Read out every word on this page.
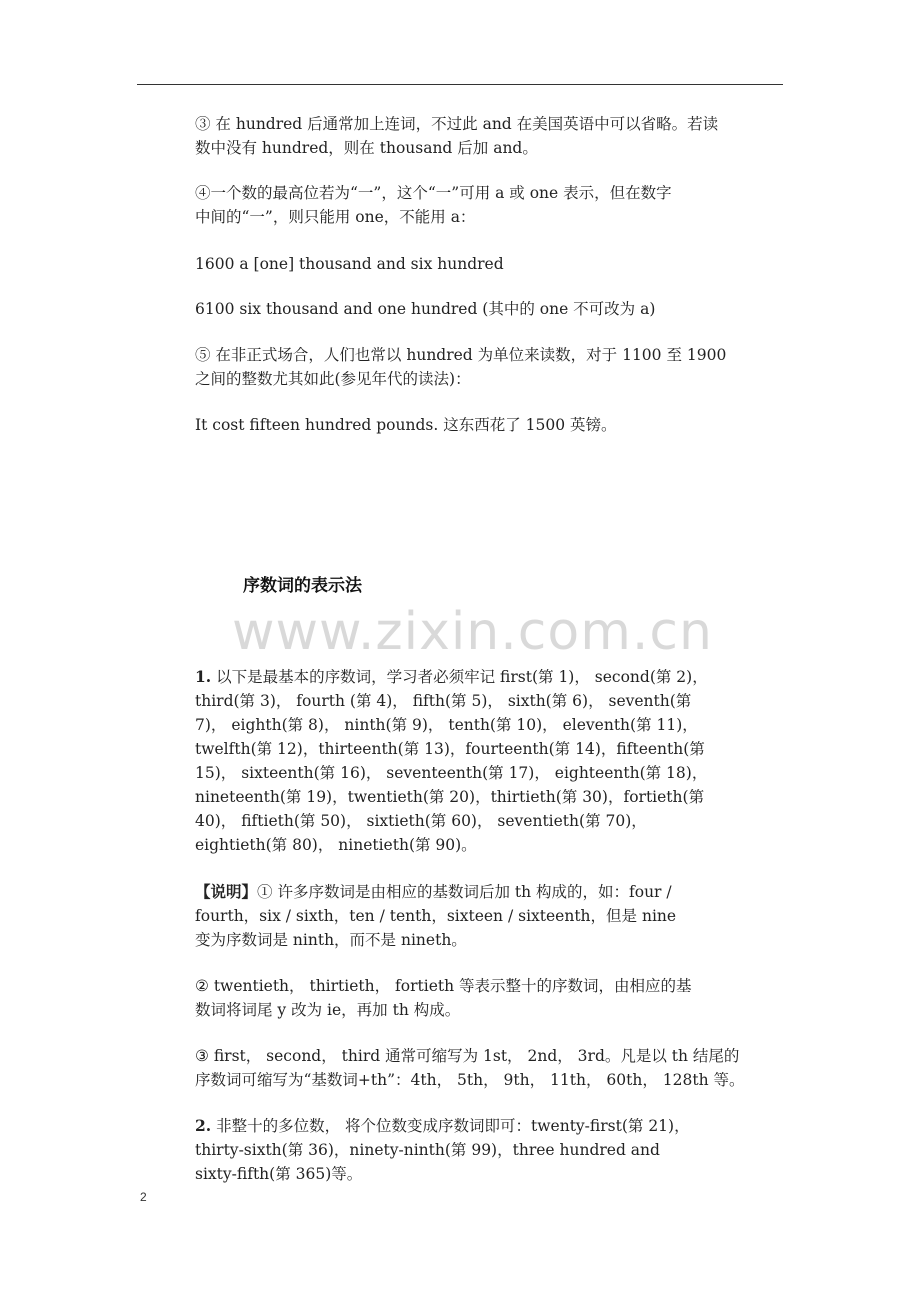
③ 在 hundred 后通常加上连词，不过此 and 在美国英语中可以省略。若读
数中没有 hundred，则在 thousand 后加 and。
④一个数的最高位若为“一”，这个“一”可用 a 或 one 表示，但在数字
中间的“一”，则只能用 one，不能用 a：
1600 a [one] thousand and six hundred
6100 six thousand and one hundred (其中的 one 不可改为 a)
⑤ 在非正式场合，人们也常以 hundred 为单位来读数，对于 1100 至 1900
之间的整数尤其如此(参见年代的读法)：
It cost fifteen hundred pounds. 这东西花了 1500 英镑。
序数词的表示法
www.zixin.com.cn
1. 以下是最基本的序数词，学习者必须牢记 first(第 1)， second(第 2)，
third(第 3)， fourth (第 4)， fifth(第 5)， sixth(第 6)， seventh(第
7)， eighth(第 8)， ninth(第 9)， tenth(第 10)， eleventh(第 11)，
twelfth(第 12)，thirteenth(第 13)，fourteenth(第 14)，fifteenth(第
15)， sixteenth(第 16)， seventeenth(第 17)， eighteenth(第 18)，
nineteenth(第 19)，twentieth(第 20)，thirtieth(第 30)，fortieth(第
40)， fiftieth(第 50)， sixtieth(第 60)， seventieth(第 70)，
eightieth(第 80)， ninetieth(第 90)。
【说明】① 许多序数词是由相应的基数词后加 th 构成的，如：four /
fourth，six / sixth，ten / tenth，sixteen / sixteenth，但是 nine
变为序数词是 ninth，而不是 nineth。
② twentieth， thirtieth， fortieth 等表示整十的序数词，由相应的基
数词将词尾 y 改为 ie，再加 th 构成。
③ first， second， third 通常可缩写为 1st， 2nd， 3rd。凡是以 th 结尾的
序数词可缩写为“基数词+th”：4th， 5th， 9th， 11th， 60th， 128th 等。
2. 非整十的多位数， 将个位数变成序数词即可：twenty-first(第 21)，
thirty-sixth(第 36)，ninety-ninth(第 99)，three hundred and
sixty-fifth(第 365)等。
2
